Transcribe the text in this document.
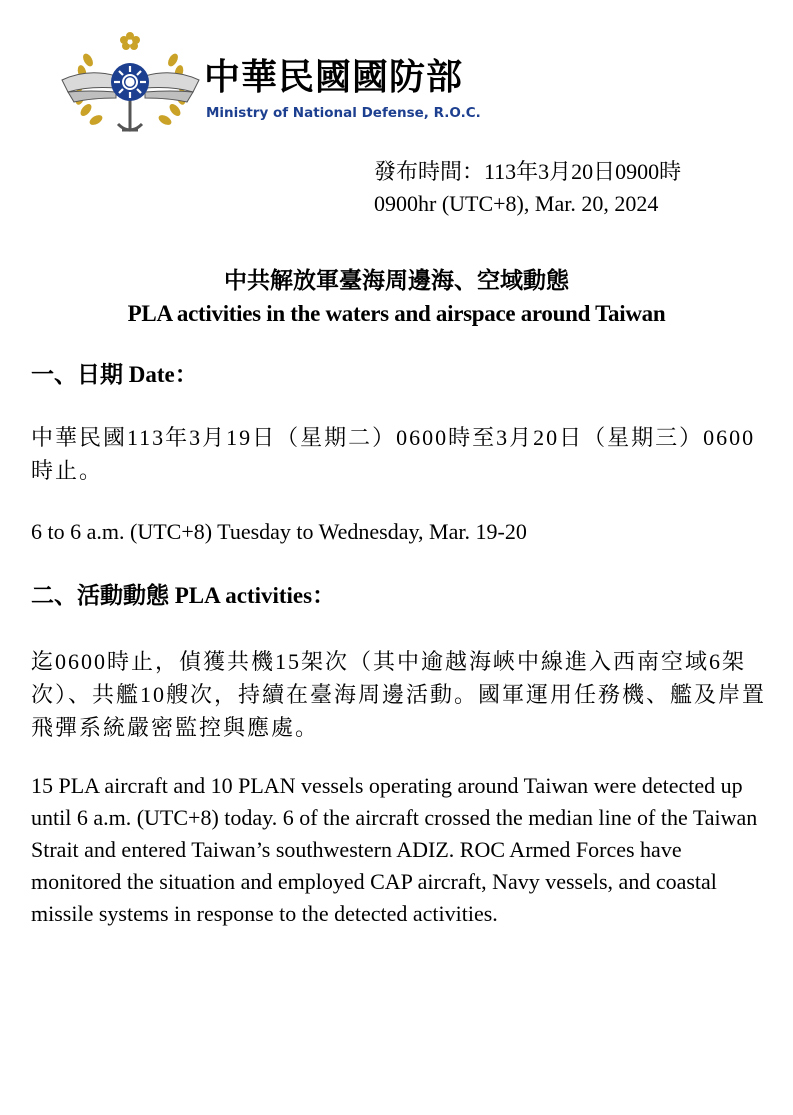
中華民國國防部
Ministry of National Defense, R.O.C.
發布時間：113年3月20日0900時
0900hr (UTC+8), Mar. 20, 2024
中共解放軍臺海周邊海、空域動態
PLA activities in the waters and airspace around Taiwan
一、日期 Date：
中華民國113年3月19日（星期二）0600時至3月20日（星期三）0600時止。
6 to 6 a.m. (UTC+8) Tuesday to Wednesday, Mar. 19-20
二、活動動態 PLA activities：
迄0600時止，偵獲共機15架次（其中逾越海峽中線進入西南空域6架次）、共艦10艘次，持續在臺海周邊活動。國軍運用任務機、艦及岸置飛彈系統嚴密監控與應處。
15 PLA aircraft and 10 PLAN vessels operating around Taiwan were detected up until 6 a.m. (UTC+8) today. 6 of the aircraft crossed the median line of the Taiwan Strait and entered Taiwan’s southwestern ADIZ. ROC Armed Forces have monitored the situation and employed CAP aircraft, Navy vessels, and coastal missile systems in response to the detected activities.
